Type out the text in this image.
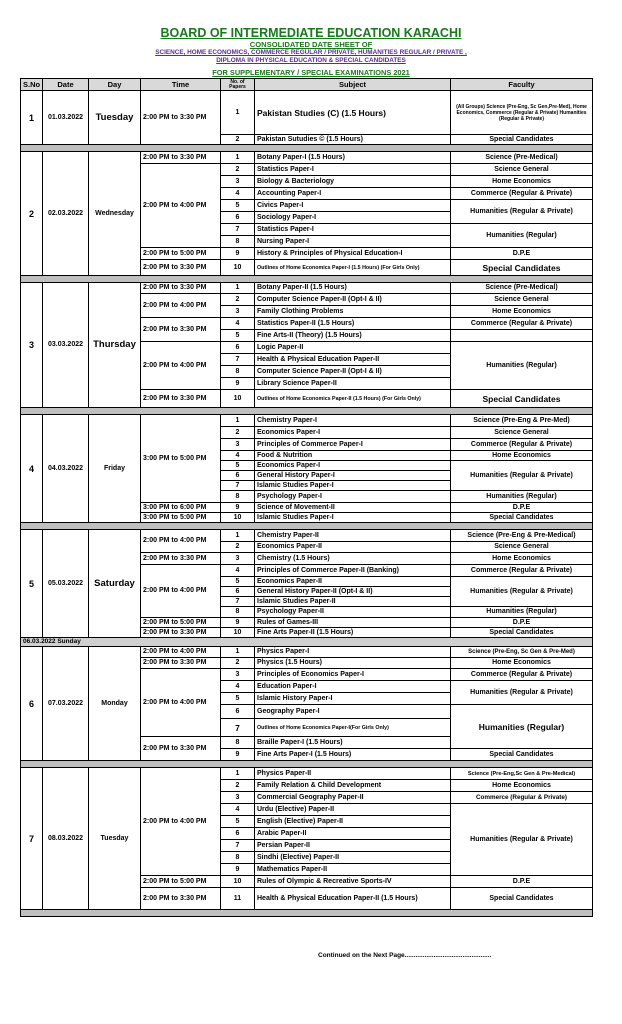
BOARD OF INTERMEDIATE EDUCATION KARACHI
CONSOLIDATED DATE SHEET OF
SCIENCE, HOME ECONOMICS, COMMERCE REGULAR / PRIVATE, HUMANITIES REGULAR / PRIVATE ,
DIPLOMA IN PHYSICAL EDUCATION & SPECIAL CANDIDATES
FOR SUPPLEMENTARY / SPECIAL EXAMINATIONS 2021
S.No	Date	Day	Time	No. of Papers	Subject	Faculty
1	01.03.2022	Tuesday	2:00 PM to 3:30 PM	1	Pakistan Studies (C) (1.5 Hours)	(All Groups) Science (Pre-Eng, Sc Gen,Pre-Med), Home Economics, Commerce (Regular & Private) Humanities (Regular & Private)
				2	Pakistan Sutudies © (1.5 Hours)	Special Candidates

2	02.03.2022	Wednesday	2:00 PM to 3:30 PM	1	Botany Paper-I (1.5 Hours)	Science (Pre-Medical)
			2:00 PM to 4:00 PM	2	Statistics Paper-I	Science General
				3	Biology & Bacteriology	Home Economics
				4	Accounting Paper-I	Commerce (Regular & Private)
				5	Civics Paper-I	Humanities (Regular & Private)
				6	Sociology Paper-I	
				7	Statistics Paper-I	Humanities (Regular)
				8	Nursing Paper-I	
			2:00 PM to 5:00 PM	9	History & Principles of Physical Education-I	D.P.E
			2:00 PM to 3:30 PM	10	Outlines of Home Economics Paper-I (1.5 Hours) (For Girls Only)	Special Candidates

3	03.03.2022	Thursday	2:00 PM to 3:30 PM	1	Botany Paper-II (1.5 Hours)	Science (Pre-Medical)
			2:00 PM to 4:00 PM	2	Computer Science Paper-II (Opt-I & II)	Science General
				3	Family Clothing Problems	Home Economics
			2:00 PM to 3:30 PM	4	Statistics Paper-II (1.5 Hours)	Commerce (Regular & Private)
				5	Fine Arts-II (Theory) (1.5 Hours)	
			2:00 PM to 4:00 PM	6	Logic Paper-II	Humanities (Regular)
				7	Health & Physical Education Paper-II	
				8	Computer Science Paper-II (Opt-I & II)	
				9	Library Science Paper-II	
			2:00 PM to 3:30 PM	10	Outlines of Home Economics Paper-II (1.5 Hours) (For Girls Only)	Special Candidates

4	04.03.2022	Friday	3:00 PM to 5:00 PM	1	Chemistry Paper-I	Science (Pre-Eng & Pre-Med)
				2	Economics Paper-I	Science General
				3	Principles of Commerce Paper-I	Commerce (Regular & Private)
				4	Food & Nutrition	Home Economics
				5	Economics Paper-I	Humanities (Regular & Private)
				6	General History Paper-I	
				7	Islamic Studies Paper-I	
				8	Psychology Paper-I	Humanities (Regular)
			3:00 PM to 6:00 PM	9	Science of Movement-II	D.P.E
			3:00 PM to 5:00 PM	10	Islamic Studies Paper-I	Special Candidates

5	05.03.2022	Saturday	2:00 PM to 4:00 PM	1	Chemistry Paper-II	Science (Pre-Eng & Pre-Medical)
				2	Economics Paper-II	Science General
			2:00 PM to 3:30 PM	3	Chemistry (1.5 Hours)	Home Economics
			2:00 PM to 4:00 PM	4	Principles of Commerce Paper-II (Banking)	Commerce (Regular & Private)
				5	Economics Paper-II	Humanities (Regular & Private)
				6	General History Paper-II (Opt-I & II)	
				7	Islamic Studies Paper-II	
				8	Psychology Paper-II	Humanities (Regular)
			2:00 PM to 5:00 PM	9	Rules of Games-III	D.P.E
			2:00 PM to 3:30 PM	10	Fine Arts Paper-II (1.5 Hours)	Special Candidates
06.03.2022 Sunday						
6	07.03.2022	Monday	2:00 PM to 4:00 PM	1	Physics Paper-I	Science (Pre-Eng, Sc Gen & Pre-Med)
			2:00 PM to 3:30 PM	2	Physics (1.5 Hours)	Home Economics
			2:00 PM to 4:00 PM	3	Principles of Economics Paper-I	Commerce (Regular & Private)
				4	Education Paper-I	Humanities (Regular & Private)
				5	Islamic History Paper-I	
				6	Geography Paper-I	Humanities (Regular)
				7	Outlines of Home Economics Paper-I(For Girls Only)	
			2:00 PM to 3:30 PM	8	Braille Paper-I (1.5 Hours)	
				9	Fine Arts Paper-I (1.5 Hours)	Special Candidates

7	08.03.2022	Tuesday	2:00 PM to 4:00 PM	1	Physics Paper-II	Science (Pre-Eng,Sc Gen & Pre-Medical)
				2	Family Relation & Child Development	Home Economics
				3	Commercial Geography Paper-II	Commerce (Regular & Private)
				4	Urdu (Elective) Paper-II	Humanities (Regular & Private)
				5	English (Elective) Paper-II	
				6	Arabic Paper-II	
				7	Persian Paper-II	
				8	Sindhi (Elective) Paper-II	
				9	Mathematics Paper-II	
			2:00 PM to 5:00 PM	10	Rules of Olympic & Recreative Sports-IV	D.P.E
			2:00 PM to 3:30 PM	11	Health & Physical Education Paper-II (1.5 Hours)	Special Candidates

Continued on the Next Page................................................
